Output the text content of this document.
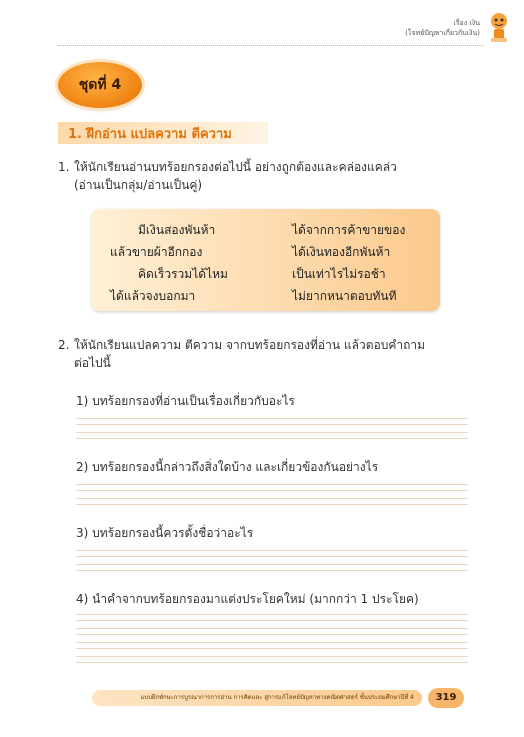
เรื่อง เงิน
(โจทย์ปัญหาเกี่ยวกับเงิน)
ชุดที่ 4
1. ฝึกอ่าน แปลความ ตีความ
1. ให้นักเรียนอ่านบทร้อยกรองต่อไปนี้ อย่างถูกต้องและคล่องแคล่ว
(อ่านเป็นกลุ่ม/อ่านเป็นคู่)
มีเงินสองพันห้า
แล้วขายผ้าอีกกอง
คิดเร็วรวมได้ไหม
ได้แล้วจงบอกมา
ได้จากการค้าขายของ
ได้เงินทองอีกพันห้า
เป็นเท่าไรไม่รอช้า
ไม่ยากหนาตอบทันที
2. ให้นักเรียนแปลความ ตีความ จากบทร้อยกรองที่อ่าน แล้วตอบคำถาม
ต่อไปนี้
1) บทร้อยกรองที่อ่านเป็นเรื่องเกี่ยวกับอะไร
2) บทร้อยกรองนี้กล่าวถึงสิ่งใดบ้าง และเกี่ยวข้องกันอย่างไร
3) บทร้อยกรองนี้ควรตั้งชื่อว่าอะไร
4) นำคำจากบทร้อยกรองมาแต่งประโยคใหม่ (มากกว่า 1 ประโยค)
แบบฝึกทักษะการบูรณาการการอ่าน การคิดและ สู่การแก้โจทย์ปัญหาทางคณิตศาสตร์ ชั้นประถมศึกษาปีที่ 4	319
